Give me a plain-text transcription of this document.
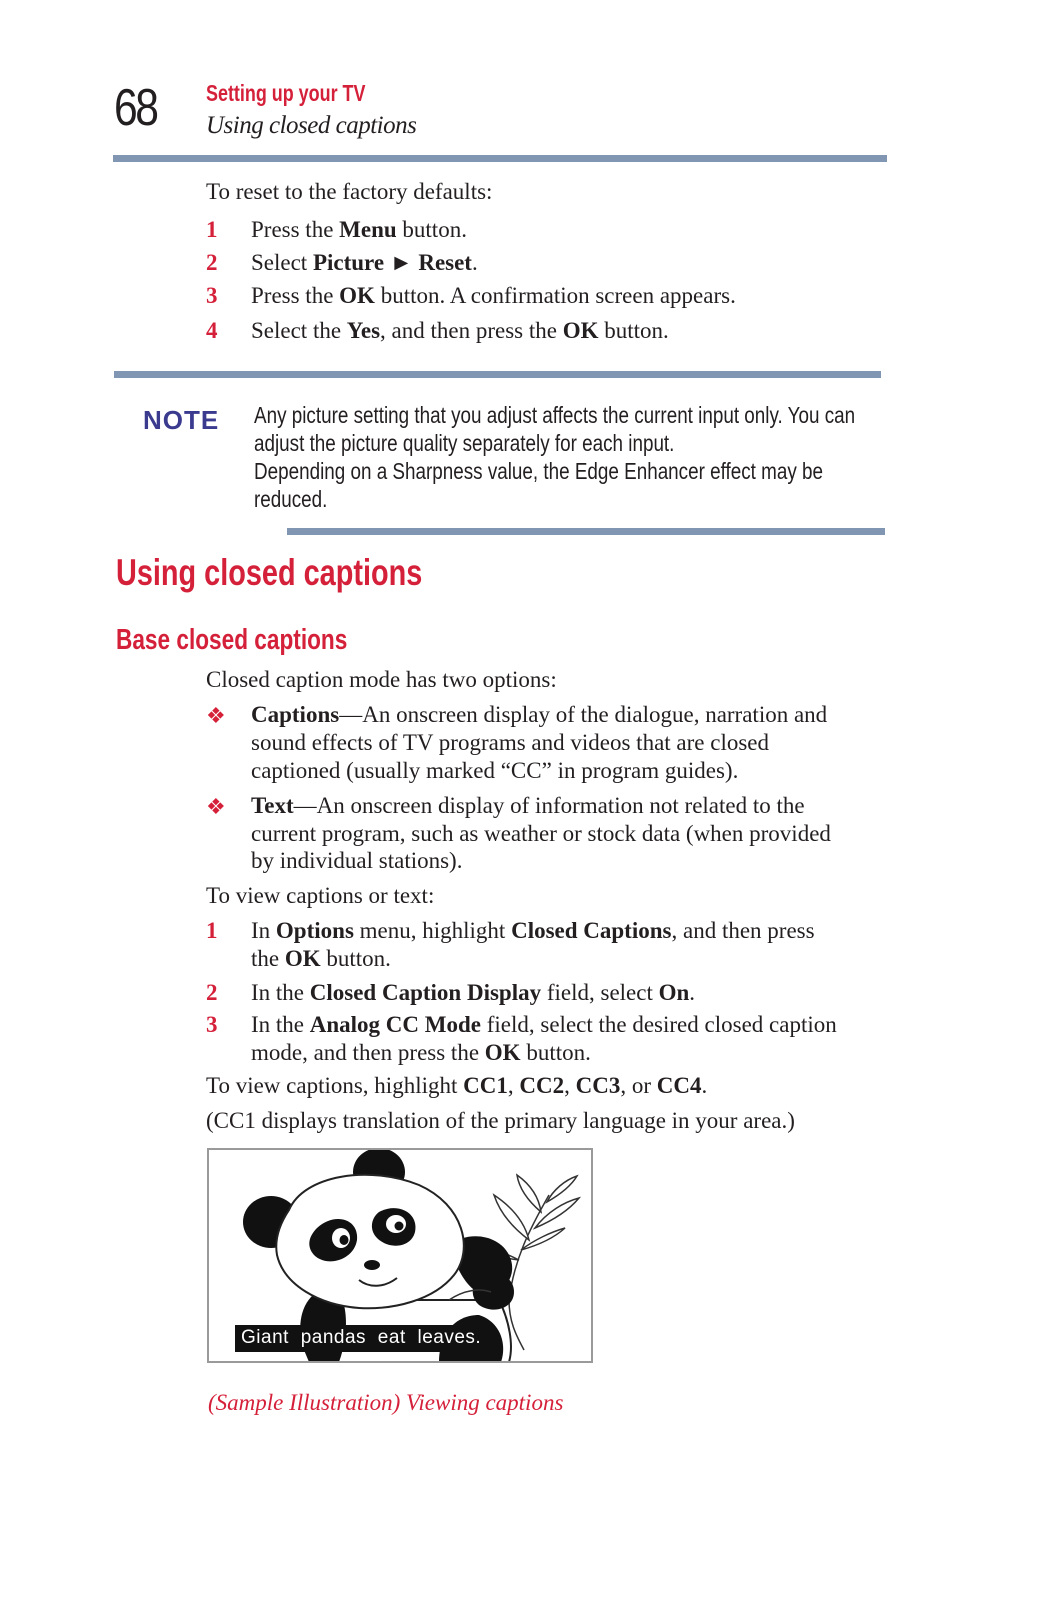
68 Setting up your TV
Using closed captions
To reset to the factory defaults:
1 Press the Menu button.
2 Select Picture ► Reset.
3 Press the OK button. A confirmation screen appears.
4 Select the Yes, and then press the OK button.
NOTE Any picture setting that you adjust affects the current input only. You can
adjust the picture quality separately for each input.
Depending on a Sharpness value, the Edge Enhancer effect may be
reduced.
Using closed captions
Base closed captions
Closed caption mode has two options:
❖ Captions—An onscreen display of the dialogue, narration and
sound effects of TV programs and videos that are closed
captioned (usually marked “CC” in program guides).
❖ Text—An onscreen display of information not related to the
current program, such as weather or stock data (when provided
by individual stations).
To view captions or text:
1 In Options menu, highlight Closed Captions, and then press
the OK button.
2 In the Closed Caption Display field, select On.
3 In the Analog CC Mode field, select the desired closed caption
mode, and then press the OK button.
To view captions, highlight CC1, CC2, CC3, or CC4.
(CC1 displays translation of the primary language in your area.)
Giant pandas eat leaves.
(Sample Illustration) Viewing captions
